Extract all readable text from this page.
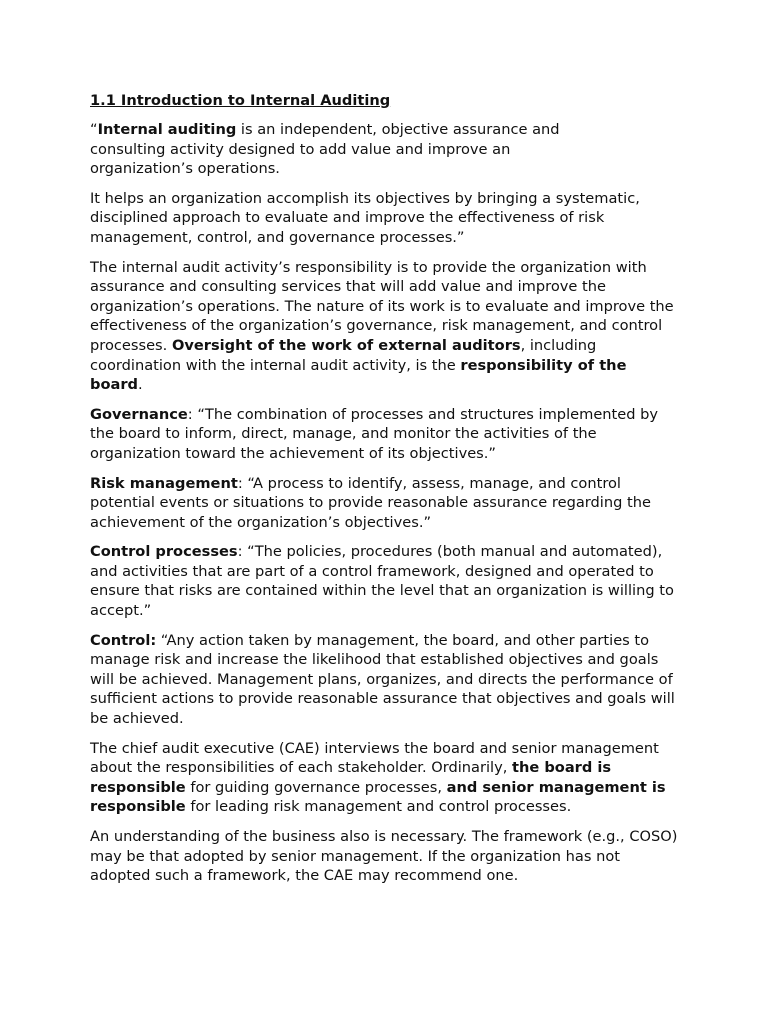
1.1 Introduction to Internal Auditing

“Internal auditing is an independent, objective assurance and consulting activity designed to add value and improve an organization’s operations.

It helps an organization accomplish its objectives by bringing a systematic, disciplined approach to evaluate and improve the effectiveness of risk management, control, and governance processes.”

The internal audit activity’s responsibility is to provide the organization with assurance and consulting services that will add value and improve the organization’s operations. The nature of its work is to evaluate and improve the effectiveness of the organization’s governance, risk management, and control processes. Oversight of the work of external auditors, including coordination with the internal audit activity, is the responsibility of the board.

Governance: “The combination of processes and structures implemented by the board to inform, direct, manage, and monitor the activities of the organization toward the achievement of its objectives.”

Risk management: “A process to identify, assess, manage, and control potential events or situations to provide reasonable assurance regarding the achievement of the organization’s objectives.”

Control processes: “The policies, procedures (both manual and automated), and activities that are part of a control framework, designed and operated to ensure that risks are contained within the level that an organization is willing to accept.”

Control: “Any action taken by management, the board, and other parties to manage risk and increase the likelihood that established objectives and goals will be achieved. Management plans, organizes, and directs the performance of sufficient actions to provide reasonable assurance that objectives and goals will be achieved.

The chief audit executive (CAE) interviews the board and senior management about the responsibilities of each stakeholder. Ordinarily, the board is responsible for guiding governance processes, and senior management is responsible for leading risk management and control processes.

An understanding of the business also is necessary. The framework (e.g., COSO) may be that adopted by senior management. If the organization has not adopted such a framework, the CAE may recommend one.
